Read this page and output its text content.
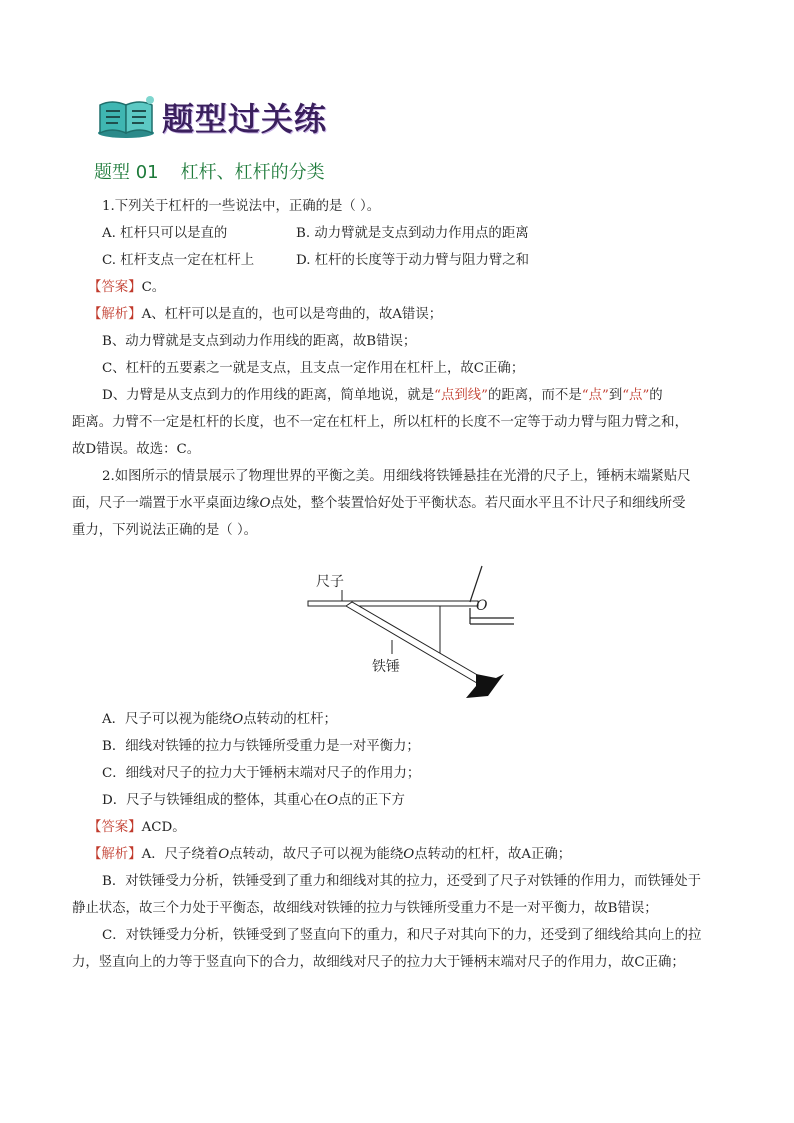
题型过关练
题型 01 杠杆、杠杆的分类
1.下列关于杠杆的一些说法中，正确的是（ ）。
A. 杠杆只可以是直的	B. 动力臂就是支点到动力作用点的距离
C. 杠杆支点一定在杠杆上	D. 杠杆的长度等于动力臂与阻力臂之和
【答案】C。
【解析】A、杠杆可以是直的，也可以是弯曲的，故A错误；
B、动力臂就是支点到动力作用线的距离，故B错误；
C、杠杆的五要素之一就是支点，且支点一定作用在杠杆上，故C正确；
D、力臂是从支点到力的作用线的距离，简单地说，就是“点到线”的距离，而不是“点”到“点”的
距离。力臂不一定是杠杆的长度，也不一定在杠杆上，所以杠杆的长度不一定等于动力臂与阻力臂之和，
故D错误。故选：C。
2.如图所示的情景展示了物理世界的平衡之美。用细线将铁锤悬挂在光滑的尺子上，锤柄末端紧贴尺
面，尺子一端置于水平桌面边缘O点处，整个装置恰好处于平衡状态。若尺面水平且不计尺子和细线所受
重力，下列说法正确的是（ ）。
尺子
O
铁锤
A．尺子可以视为能绕O点转动的杠杆；
B．细线对铁锤的拉力与铁锤所受重力是一对平衡力；
C．细线对尺子的拉力大于锤柄末端对尺子的作用力；
D．尺子与铁锤组成的整体，其重心在O点的正下方
【答案】ACD。
【解析】A．尺子绕着O点转动，故尺子可以视为能绕O点转动的杠杆，故A正确；
B．对铁锤受力分析，铁锤受到了重力和细线对其的拉力，还受到了尺子对铁锤的作用力，而铁锤处于
静止状态，故三个力处于平衡态，故细线对铁锤的拉力与铁锤所受重力不是一对平衡力，故B错误；
C．对铁锤受力分析，铁锤受到了竖直向下的重力，和尺子对其向下的力，还受到了细线给其向上的拉
力，竖直向上的力等于竖直向下的合力，故细线对尺子的拉力大于锤柄末端对尺子的作用力，故C正确；
